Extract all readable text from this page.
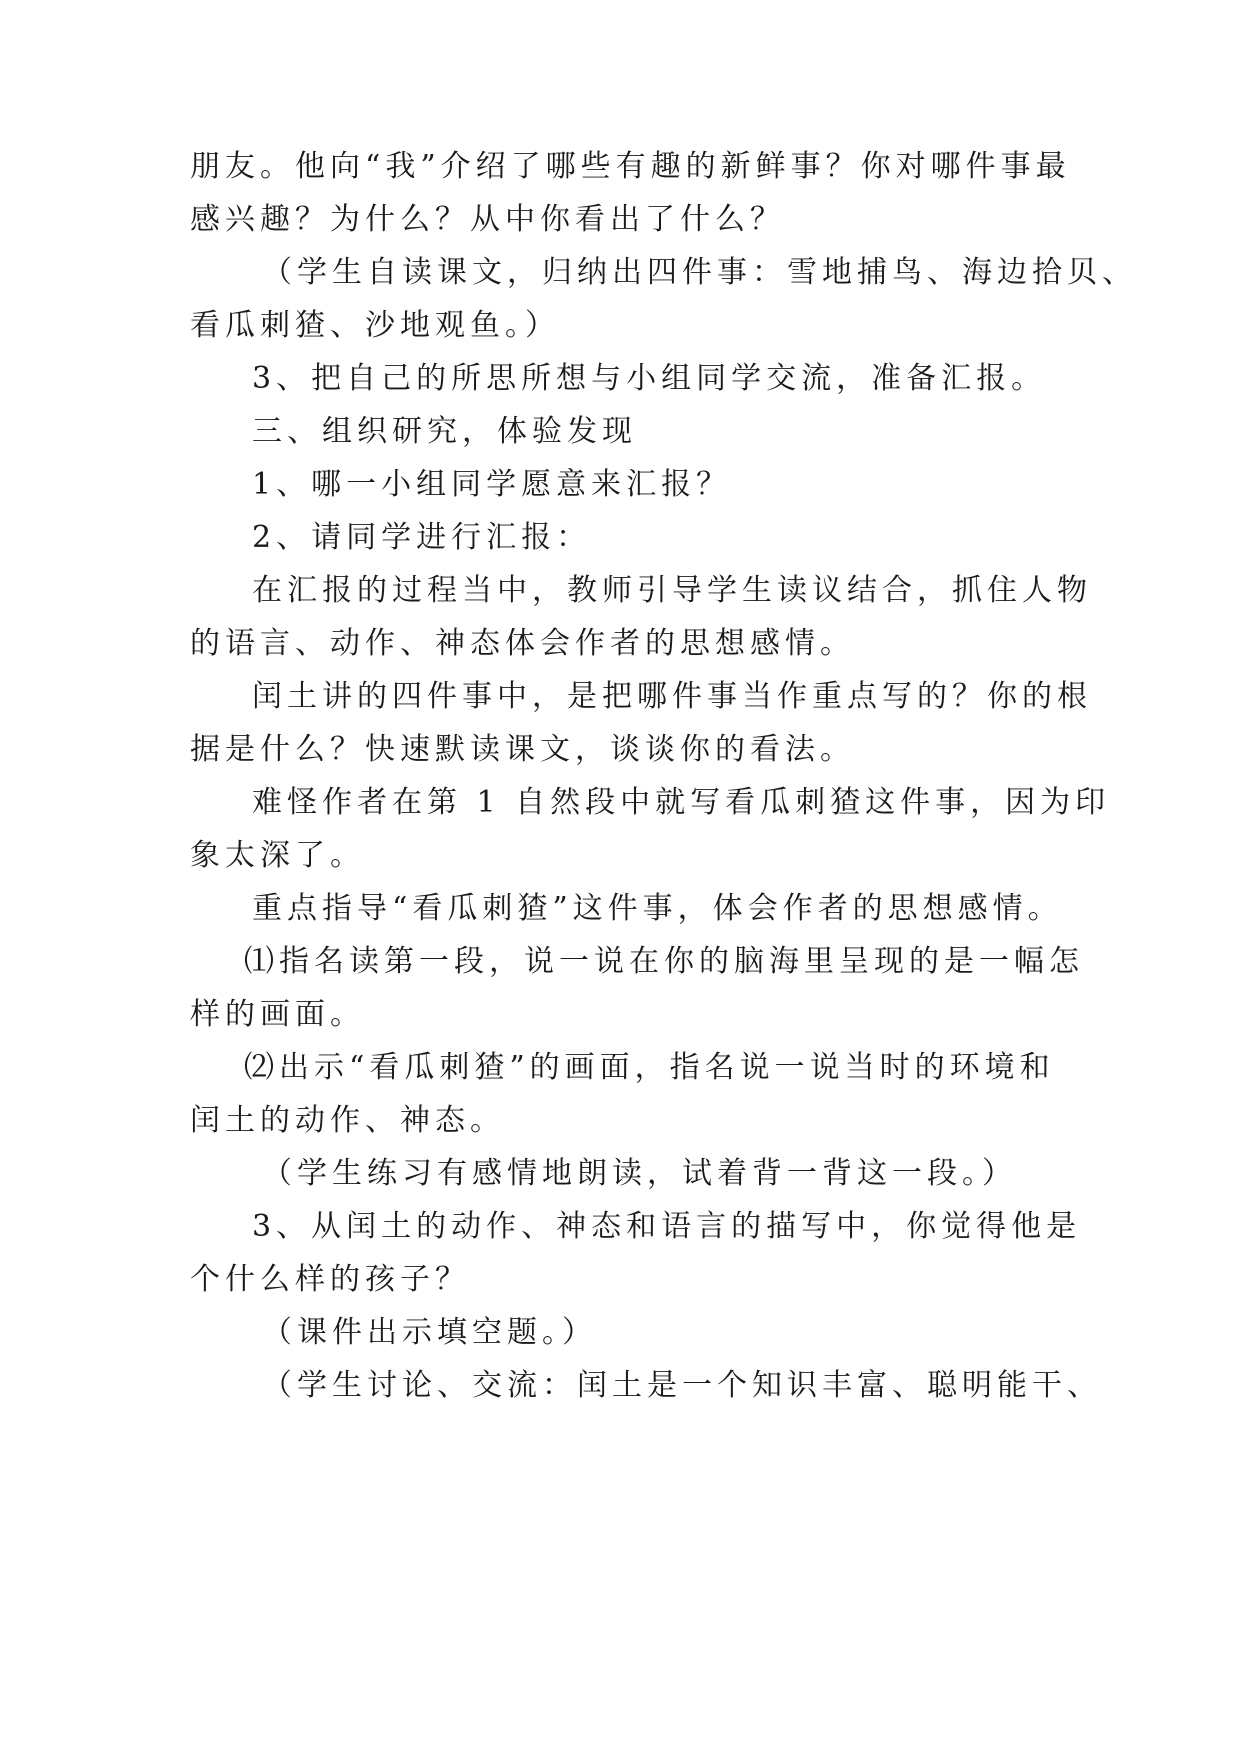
朋友。他向“我”介绍了哪些有趣的新鲜事？你对哪件事最
感兴趣？为什么？从中你看出了什么？
（学生自读课文，归纳出四件事：雪地捕鸟、海边拾贝、
看瓜刺猹、沙地观鱼。）
3、把自己的所思所想与小组同学交流，准备汇报。
三、组织研究，体验发现
1、哪一小组同学愿意来汇报？
2、请同学进行汇报：
在汇报的过程当中，教师引导学生读议结合，抓住人物
的语言、动作、神态体会作者的思想感情。
闰土讲的四件事中，是把哪件事当作重点写的？你的根
据是什么？快速默读课文，谈谈你的看法。
难怪作者在第 1 自然段中就写看瓜刺猹这件事，因为印
象太深了。
重点指导“看瓜刺猹”这件事，体会作者的思想感情。
⑴指名读第一段，说一说在你的脑海里呈现的是一幅怎
样的画面。
⑵出示“看瓜刺猹”的画面，指名说一说当时的环境和
闰土的动作、神态。
（学生练习有感情地朗读，试着背一背这一段。）
3、从闰土的动作、神态和语言的描写中，你觉得他是
个什么样的孩子？
（课件出示填空题。）
（学生讨论、交流：闰土是一个知识丰富、聪明能干、
